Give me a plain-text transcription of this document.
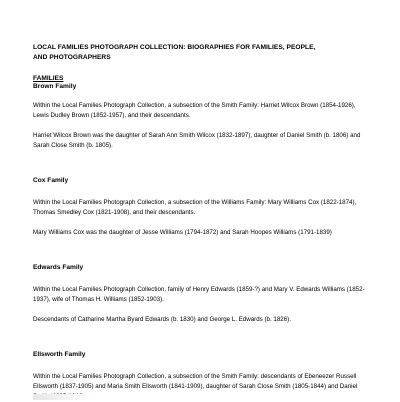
LOCAL FAMILIES PHOTOGRAPH COLLECTION: BIOGRAPHIES FOR FAMILIES, PEOPLE,
AND PHOTOGRAPHERS

FAMILIES

Brown Family

Within the Local Families Photograph Collection, a subsection of the Smith Family: Harriet Wilcox Brown (1854-1926), Lewis Dudley Brown (1852-1957), and their descendants.

Harriet Wilcox Brown was the daughter of Sarah Ann Smith Wilcox (1832-1897), daughter of Daniel Smith (b. 1806) and Sarah Close Smith (b. 1805).

Cox Family

Within the Local Families Photograph Collection, a subsection of the Williams Family: Mary Williams Cox (1822-1874), Thomas Smedley Cox (1821-1908), and their descendants.

Mary Williams Cox was the daughter of Jesse Williams (1794-1872) and Sarah Hoopes Williams (1791-1839)

Edwards Family

Within the Local Families Photograph Collection, family of Henry Edwards (1859-?) and Mary V. Edwards Williams (1852-1937), wife of Thomas H. Williams (1852-1903).

Descendants of Catharine Martha Byard Edwards (b. 1830) and George L. Edwards (b. 1826).

Ellsworth Family

Within the Local Families Photograph Collection, a subsection of the Smith Family: descendants of Ebeneezer Russell Ellsworth (1837-1905) and Maria Smith Ellsworth (1841-1909), daughter of Sarah Close Smith (1805-1844) and Daniel
